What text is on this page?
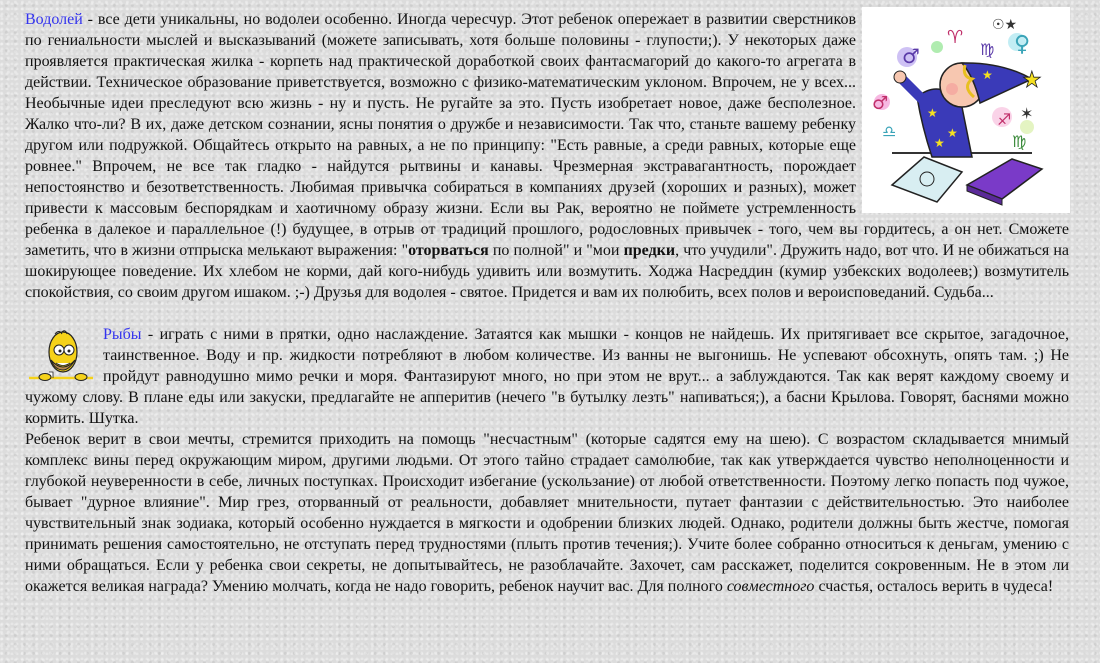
♂
♈ ♀
♍
☉★
♂
♎
♐
♍
✶
★
★
★
★
★

Водолей - все дети уникальны, но водолеи особенно. Иногда чересчур. Этот ребенок опережает в развитии сверстников по гениальности мыслей и высказываний (можете записывать, хотя больше половины - глупости;). У некоторых даже проявляется практическая жилка - корпеть над практической доработкой своих фантасмагорий до какого-то агрегата в действии. Техническое образование приветствуется, возможно с физико-математическим уклоном. Впрочем, не у всех... Необычные идеи преследуют всю жизнь - ну и пусть. Не ругайте за это. Пусть изобретает новое, даже бесполезное. Жалко что-ли? В их, даже детском сознании, ясны понятия о дружбе и независимости. Так что, станьте вашему ребенку другом или подружкой. Общайтесь открыто на равных, а не по принципу: "Есть равные, а среди равных, которые еще ровнее." Впрочем, не все так гладко - найдутся рытвины и канавы. Чрезмерная экстравагантность, порождает непостоянство и безответственность. Любимая привычка собираться в компаниях друзей (хороших и разных), может привести к массовым беспорядкам и хаотичному образу жизни. Если вы Рак, вероятно не поймете устремленность ребенка в далекое и параллельное (!) будущее, в отрыв от традиций прошлого, родословных привычек - того, чем вы гордитесь, а он нет. Сможете заметить, что в жизни отпрыска мелькают выражения: "оторваться по полной" и "мои предки, что учудили". Дружить надо, вот что. И не обижаться на шокирующее поведение. Их хлебом не корми, дай кого-нибудь удивить или возмутить. Ходжа Насреддин (кумир узбекских водолеев;) возмутитель спокойствия, со своим другом ишаком. ;-) Друзья для водолея - святое. Придется и вам их полюбить, всех полов и вероисповеданий. Судьба...

Рыбы - играть с ними в прятки, одно наслаждение. Затаятся как мышки - концов не найдешь. Их притягивает все скрытое, загадочное, таинственное. Воду и пр. жидкости потребляют в любом количестве. Из ванны не выгонишь. Не успевают обсохнуть, опять там. ;) Не пройдут равнодушно мимо речки и моря. Фантазируют много, но при этом не врут... а заблуждаются. Так как верят каждому своему и чужому слову. В плане еды или закуски, предлагайте не апперитив (нечего "в бутылку лезть" напиваться;), а басни Крылова. Говорят, баснями можно кормить. Шутка.

Ребенок верит в свои мечты, стремится приходить на помощь "несчастным" (которые садятся ему на шею). С возрастом складывается мнимый комплекс вины перед окружающим миром, другими людьми. От этого тайно страдает самолюбие, так как утверждается чувство неполноценности и глубокой неуверенности в себе, личных поступках. Происходит избегание (ускользание) от любой ответственности. Поэтому легко попасть под чужое, бывает "дурное влияние". Мир грез, оторванный от реальности, добавляет мнительности, путает фантазии с действительностью. Это наиболее чувствительный знак зодиака, который особенно нуждается в мягкости и одобрении близких людей. Однако, родители должны быть жестче, помогая принимать решения самостоятельно, не отступать перед трудностями (плыть против течения;). Учите более собранно относиться к деньгам, умению с ними обращаться. Если у ребенка свои секреты, не допытывайтесь, не разоблачайте. Захочет, сам расскажет, поделится сокровенным. Не в этом ли окажется великая награда? Умению молчать, когда не надо говорить, ребенок научит вас. Для полного совместного счастья, осталось верить в чудеса!
